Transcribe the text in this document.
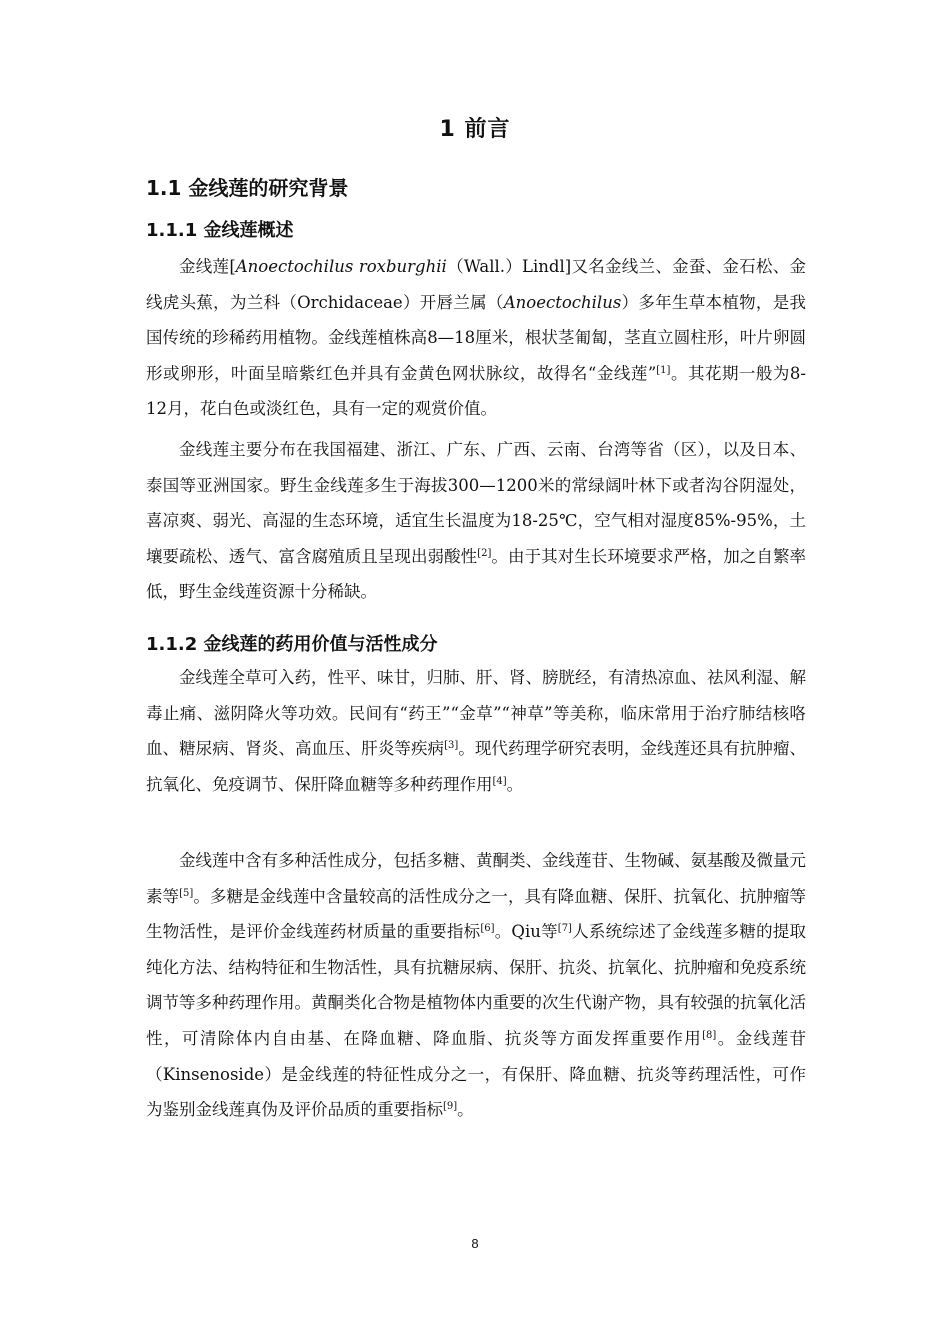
1 前言
1.1 金线莲的研究背景
1.1.1 金线莲概述

金线莲[Anoectochilus roxburghii（Wall.）Lindl]又名金线兰、金蚕、金石松、金线虎头蕉，为兰科（Orchidaceae）开唇兰属（Anoectochilus）多年生草本植物，是我国传统的珍稀药用植物。金线莲植株高8—18厘米，根状茎匍匐，茎直立圆柱形，叶片卵圆形或卵形，叶面呈暗紫红色并具有金黄色网状脉纹，故得名“金线莲”[1]。其花期一般为8-12月，花白色或淡红色，具有一定的观赏价值。

金线莲主要分布在我国福建、浙江、广东、广西、云南、台湾等省（区），以及日本、泰国等亚洲国家。野生金线莲多生于海拔300—1200米的常绿阔叶林下或者沟谷阴湿处，喜凉爽、弱光、高湿的生态环境，适宜生长温度为18-25℃，空气相对湿度85%-95%，土壤要疏松、透气、富含腐殖质且呈现出弱酸性[2]。由于其对生长环境要求严格，加之自繁率低，野生金线莲资源十分稀缺。

1.1.2 金线莲的药用价值与活性成分

金线莲全草可入药，性平、味甘，归肺、肝、肾、膀胱经，有清热凉血、祛风利湿、解毒止痛、滋阴降火等功效。民间有“药王”“金草”“神草”等美称，临床常用于治疗肺结核咯血、糖尿病、肾炎、高血压、肝炎等疾病[3]。现代药理学研究表明，金线莲还具有抗肿瘤、抗氧化、免疫调节、保肝降血糖等多种药理作用[4]。

金线莲中含有多种活性成分，包括多糖、黄酮类、金线莲苷、生物碱、氨基酸及微量元素等[5]。多糖是金线莲中含量较高的活性成分之一，具有降血糖、保肝、抗氧化、抗肿瘤等生物活性，是评价金线莲药材质量的重要指标[6]。Qiu等[7]人系统综述了金线莲多糖的提取纯化方法、结构特征和生物活性，具有抗糖尿病、保肝、抗炎、抗氧化、抗肿瘤和免疫系统调节等多种药理作用。黄酮类化合物是植物体内重要的次生代谢产物，具有较强的抗氧化活性，可清除体内自由基、在降血糖、降血脂、抗炎等方面发挥重要作用[8]。金线莲苷（Kinsenoside）是金线莲的特征性成分之一，有保肝、降血糖、抗炎等药理活性，可作为鉴别金线莲真伪及评价品质的重要指标[9]。

8
